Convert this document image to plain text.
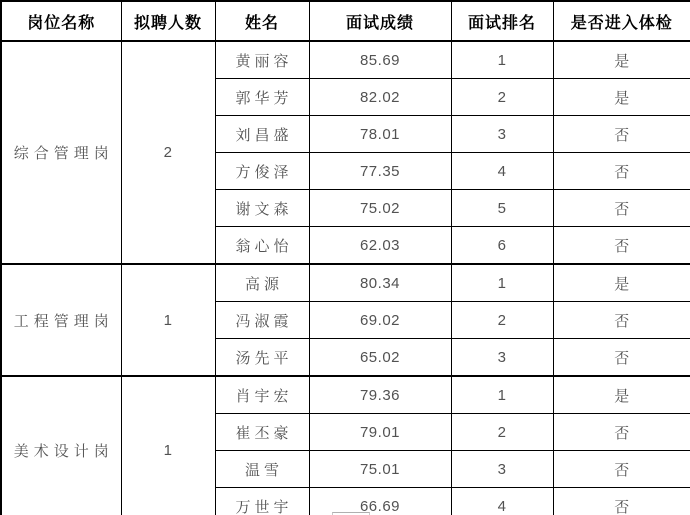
岗位名称	拟聘人数	姓名	面试成绩	面试排名	是否进入体检
综合管理岗	2	黄丽容	85.69	1	是
		郭华芳	82.02	2	是
		刘昌盛	78.01	3	否
		方俊泽	77.35	4	否
		谢文森	75.02	5	否
		翁心怡	62.03	6	否
工程管理岗	1	高源	80.34	1	是
		冯淑霞	69.02	2	否
		汤先平	65.02	3	否
美术设计岗	1	肖宇宏	79.36	1	是
		崔丕豪	79.01	2	否
		温雪	75.01	3	否
		万世宇	66.69	4	否
